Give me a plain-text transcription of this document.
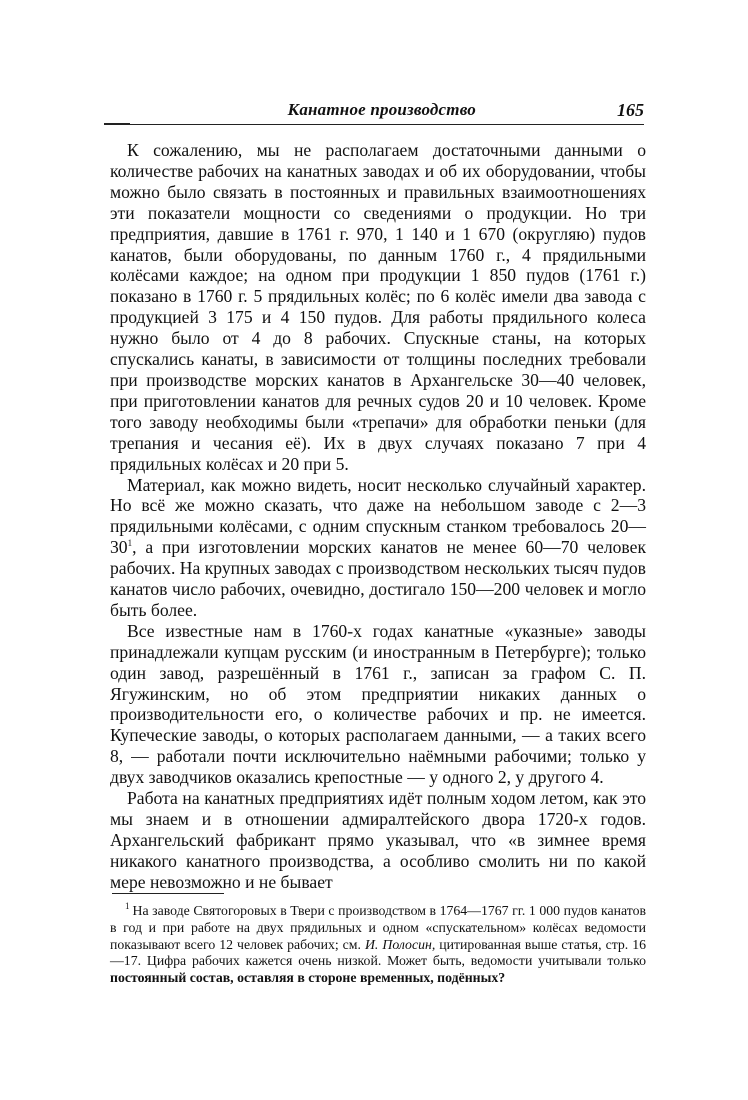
Канатное производство	165

К сожалению, мы не располагаем достаточными данными о количестве рабочих на канатных заводах и об их оборудовании, чтобы можно было связать в постоянных и правильных взаимоотношениях эти показатели мощности со сведениями о продукции. Но три предприятия, давшие в 1761 г. 970, 1 140 и 1 670 (округляю) пудов канатов, были оборудованы, по данным 1760 г., 4 прядильными колёсами каждое; на одном при продукции 1 850 пудов (1761 г.) показано в 1760 г. 5 прядильных колёс; по 6 колёс имели два завода с продукцией 3 175 и 4 150 пудов. Для работы прядильного колеса нужно было от 4 до 8 рабочих. Спускные станы, на которых спускались канаты, в зависимости от толщины последних требовали при производстве морских канатов в Архангельске 30—40 человек, при приготовлении канатов для речных судов 20 и 10 человек. Кроме того заводу необходимы были «трепачи» для обработки пеньки (для трепания и чесания её). Их в двух случаях показано 7 при 4 прядильных колёсах и 20 при 5.

Материал, как можно видеть, носит несколько случайный характер. Но всё же можно сказать, что даже на небольшом заводе с 2—3 прядильными колёсами, с одним спускным станком требовалось 20—30$^1$, а при изготовлении морских канатов не менее 60—70 человек рабочих. На крупных заводах с производством нескольких тысяч пудов канатов число рабочих, очевидно, достигало 150—200 человек и могло быть более.

Все известные нам в 1760-х годах канатные «указные» заводы принадлежали купцам русским (и иностранным в Петербурге); только один завод, разрешённый в 1761 г., записан за графом С. П. Ягужинским, но об этом предприятии никаких данных о производительности его, о количестве рабочих и пр. не имеется. Купеческие заводы, о которых располагаем данными, — а таких всего 8, — работали почти исключительно наёмными рабочими; только у двух заводчиков оказались крепостные — у одного 2, у другого 4.

Работа на канатных предприятиях идёт полным ходом летом, как это мы знаем и в отношении адмиралтейского двора 1720-х годов. Архангельский фабрикант прямо указывал, что «в зимнее время никакого канатного производства, а особливо смолить ни по какой мере невозможно и не бывает

$^1$ На заводе Святогоровых в Твери с производством в 1764—1767 гг. 1 000 пудов канатов в год и при работе на двух прядильных и одном «спускательном» колёсах ведомости показывают всего 12 человек рабочих; см. И. Полосин, цитированная выше статья, стр. 16—17. Цифра рабочих кажется очень низкой. Может быть, ведомости учитывали только постоянный состав, оставляя в стороне временных, подённых?
